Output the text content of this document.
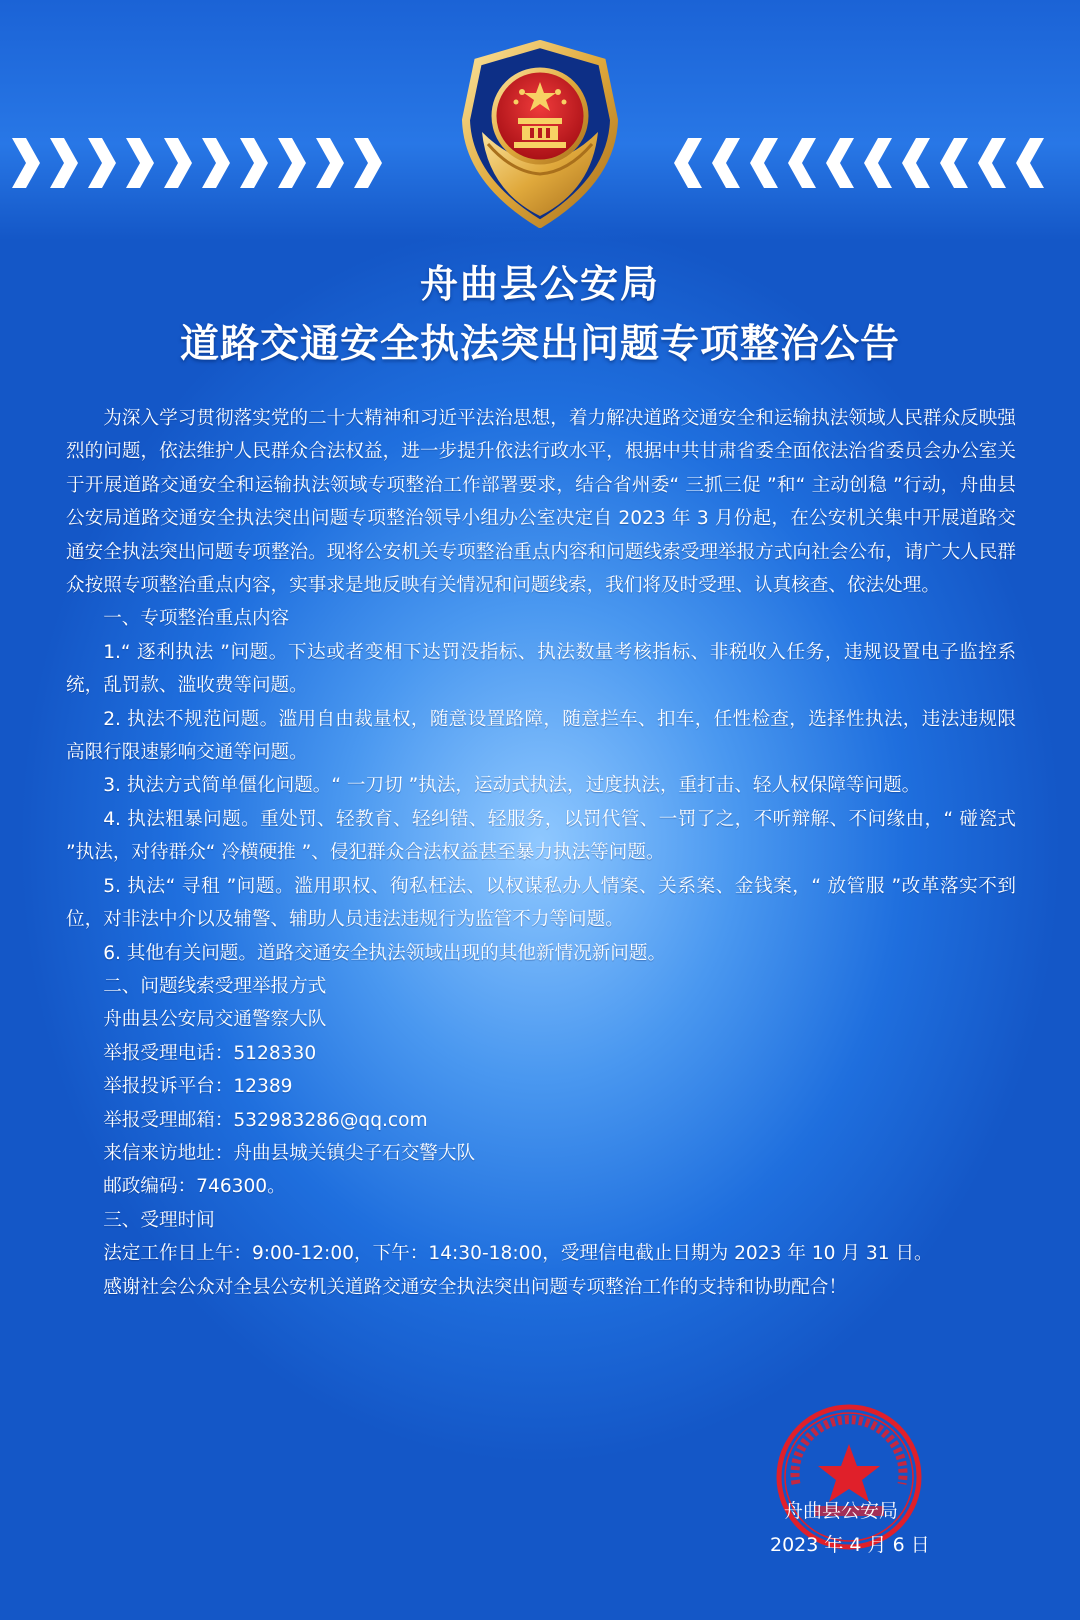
舟曲县公安局
道路交通安全执法突出问题专项整治公告

为深入学习贯彻落实党的二十大精神和习近平法治思想，着力解决道路交通安全和运输执法领域人民群众反映强烈的问题，依法维护人民群众合法权益，进一步提升依法行政水平，根据中共甘肃省委全面依法治省委员会办公室关于开展道路交通安全和运输执法领域专项整治工作部署要求，结合省州委“ 三抓三促 ”和“ 主动创稳 ”行动，舟曲县公安局道路交通安全执法突出问题专项整治领导小组办公室决定自 2023 年 3 月份起，在公安机关集中开展道路交通安全执法突出问题专项整治。现将公安机关专项整治重点内容和问题线索受理举报方式向社会公布，请广大人民群众按照专项整治重点内容，实事求是地反映有关情况和问题线索，我们将及时受理、认真核查、依法处理。

一、专项整治重点内容

1.“ 逐利执法 ”问题。下达或者变相下达罚没指标、执法数量考核指标、非税收入任务，违规设置电子监控系统，乱罚款、滥收费等问题。

2. 执法不规范问题。滥用自由裁量权，随意设置路障，随意拦车、扣车，任性检查，选择性执法，违法违规限高限行限速影响交通等问题。

3. 执法方式简单僵化问题。“ 一刀切 ”执法，运动式执法，过度执法，重打击、轻人权保障等问题。

4. 执法粗暴问题。重处罚、轻教育、轻纠错、轻服务，以罚代管、一罚了之，不听辩解、不问缘由，“ 碰瓷式 ”执法，对待群众“ 冷横硬推 ”、侵犯群众合法权益甚至暴力执法等问题。

5. 执法“ 寻租 ”问题。滥用职权、徇私枉法、以权谋私办人情案、关系案、金钱案，“ 放管服 ”改革落实不到位，对非法中介以及辅警、辅助人员违法违规行为监管不力等问题。

6. 其他有关问题。道路交通安全执法领域出现的其他新情况新问题。

二、问题线索受理举报方式

舟曲县公安局交通警察大队

举报受理电话：5128330

举报投诉平台：12389

举报受理邮箱：532983286@qq.com

来信来访地址：舟曲县城关镇尖子石交警大队

邮政编码：746300。

三、受理时间

法定工作日上午：9:00-12:00，下午：14:30-18:00，受理信电截止日期为 2023 年 10 月 31 日。

感谢社会公众对全县公安机关道路交通安全执法突出问题专项整治工作的支持和协助配合！

舟曲县公安局
2023 年 4 月 6 日
